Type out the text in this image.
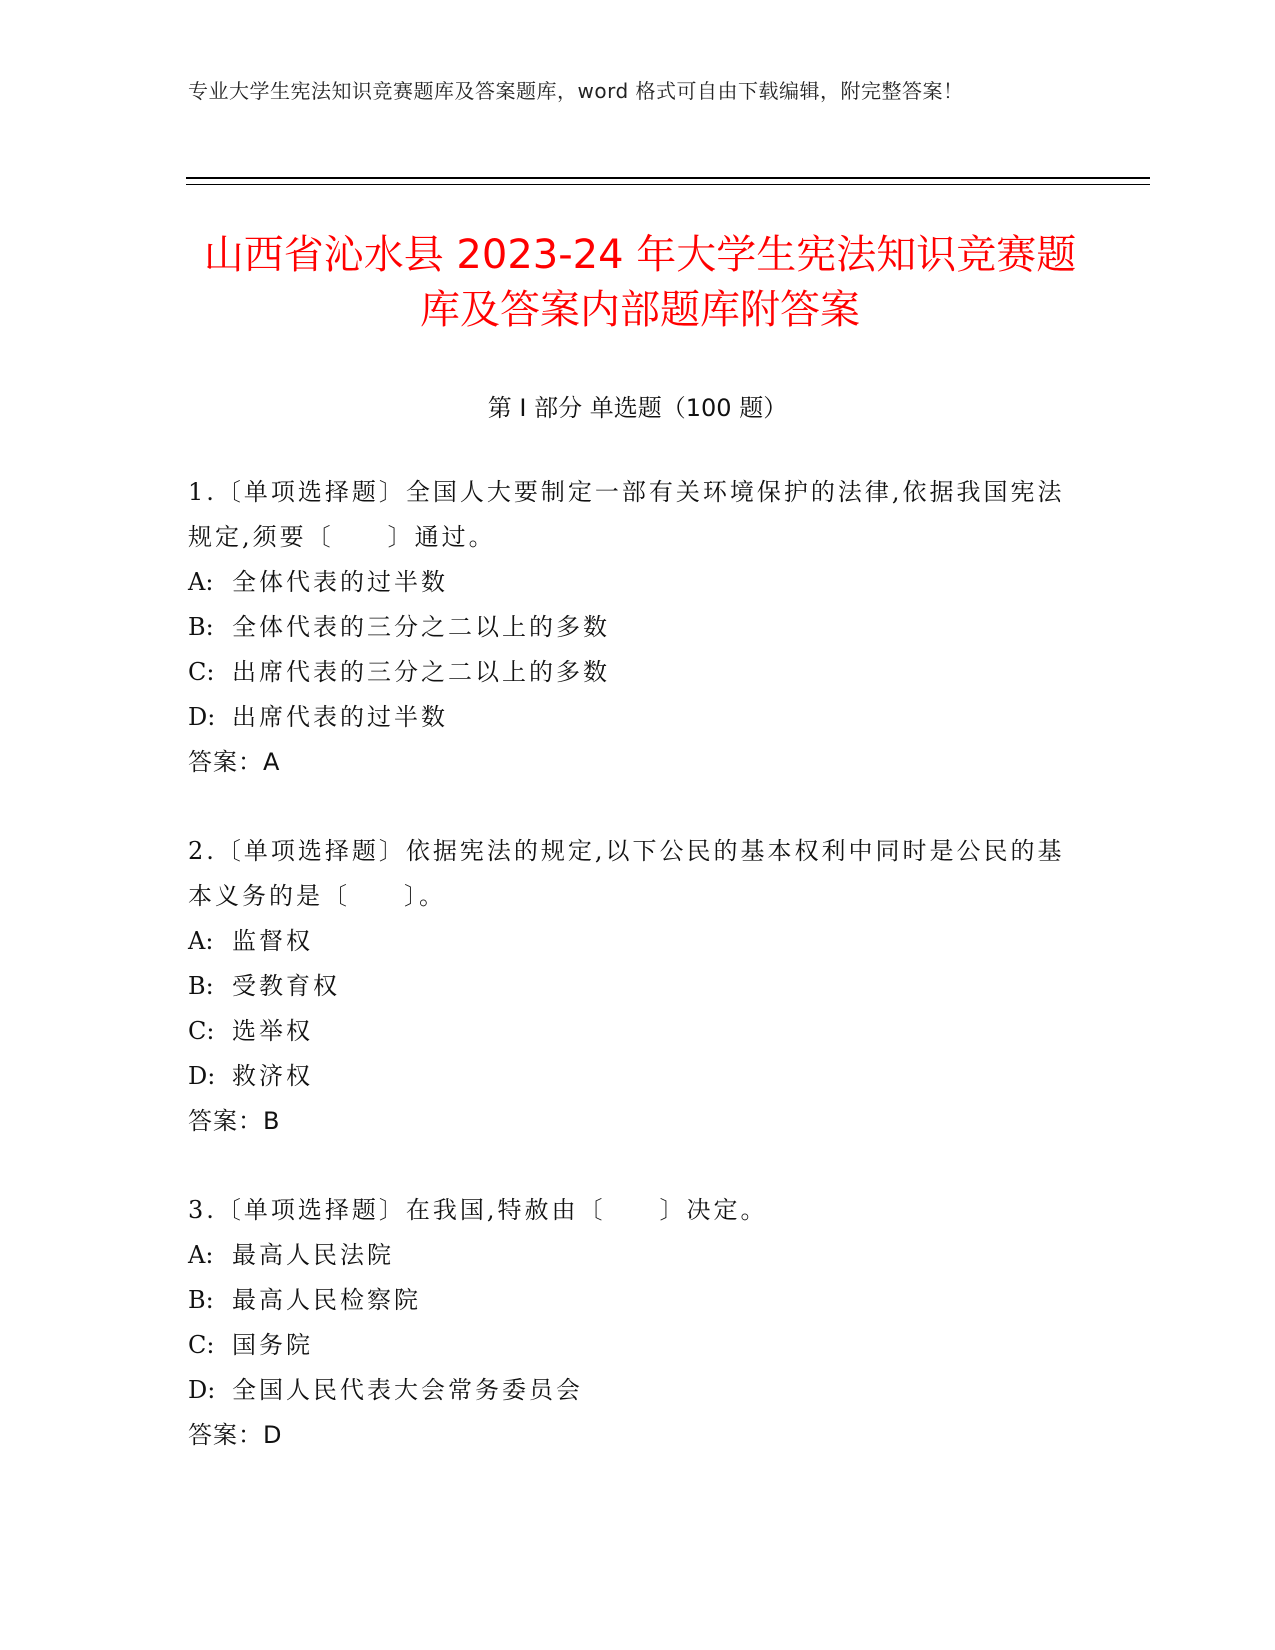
专业大学生宪法知识竞赛题库及答案题库，word 格式可自由下载编辑，附完整答案！
山西省沁水县 2023-24 年大学生宪法知识竞赛题库及答案内部题库附答案
第 I 部分 单选题（100 题）
1.〔单项选择题〕全国人大要制定一部有关环境保护的法律,依据我国宪法规定,须要〔　　〕通过。
A: 全体代表的过半数
B: 全体代表的三分之二以上的多数
C: 出席代表的三分之二以上的多数
D: 出席代表的过半数
答案：A
2.〔单项选择题〕依据宪法的规定,以下公民的基本权利中同时是公民的基本义务的是〔　　〕。
A: 监督权
B: 受教育权
C: 选举权
D: 救济权
答案：B
3.〔单项选择题〕在我国,特赦由〔　　〕决定。
A: 最高人民法院
B: 最高人民检察院
C: 国务院
D: 全国人民代表大会常务委员会
答案：D
